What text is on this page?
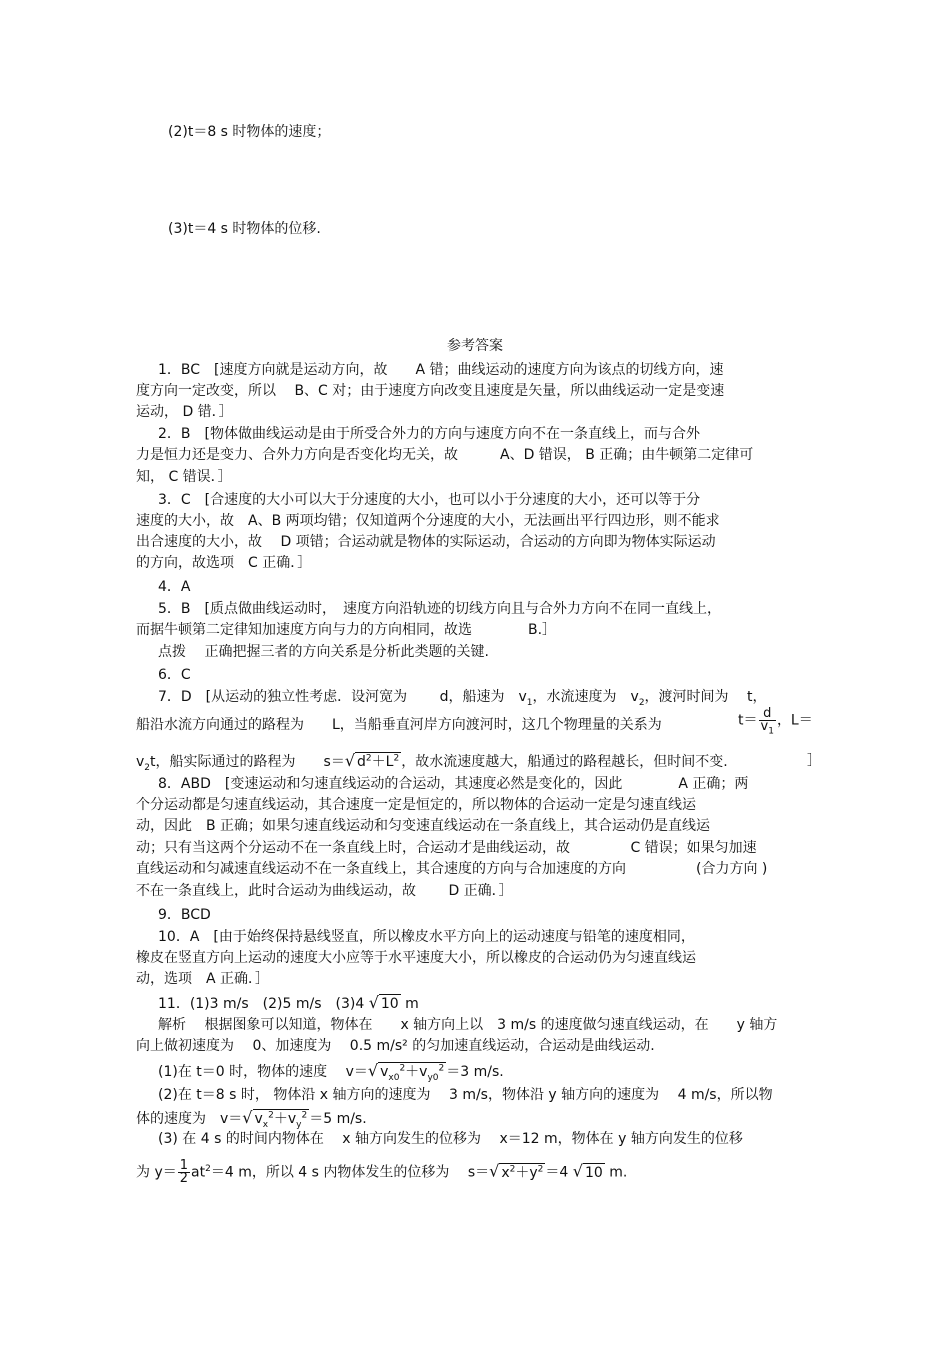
(2)t＝8 s 时物体的速度；
(3)t＝4 s 时物体的位移.
参考答案
1．BC　[速度方向就是运动方向，故　　A 错；曲线运动的速度方向为该点的切线方向，速
度方向一定改变，所以　 B、C 对；由于速度方向改变且速度是矢量，所以曲线运动一定是变速
运动， D 错．］
2．B　[物体做曲线运动是由于所受合外力的方向与速度方向不在一条直线上，而与合外
力是恒力还是变力、合外力方向是否变化均无关，故　　　A、D 错误， B 正确；由牛顿第二定律可
知， C 错误．］
3．C　[合速度的大小可以大于分速度的大小，也可以小于分速度的大小，还可以等于分
速度的大小，故　A、B 两项均错；仅知道两个分速度的大小，无法画出平行四边形，则不能求
出合速度的大小，故　 D 项错；合运动就是物体的实际运动，合运动的方向即为物体实际运动
的方向，故选项　C 正确．］
4．A
5．B　[质点做曲线运动时，　速度方向沿轨迹的切线方向且与合外力方向不在同一直线上，
而据牛顿第二定律知加速度方向与力的方向相同，故选　　　　B.］
点拨　 正确把握三者的方向关系是分析此类题的关键.
6．C
7．D　[从运动的独立性考虑．设河宽为　　 d，船速为　$v_1$，水流速度为　$v_2$，渡河时间为　 t，
船沿水流方向通过的路程为　　L，当船垂直河岸方向渡河时，这几个物理量的关系为	$t= \frac{d}{v_1}$ ，L＝
$v_2t$，船实际通过的路程为　　s＝√ $d^2+L^2$ ，故水流速度越大，船通过的路程越长，但时间不变.	］
8．ABD　[变速运动和匀速直线运动的合运动，其速度必然是变化的，因此　　　　A 正确；两
个分运动都是匀速直线运动，其合速度一定是恒定的，所以物体的合运动一定是匀速直线运
动，因此　B 正确；如果匀速直线运动和匀变速直线运动在一条直线上，其合运动仍是直线运
动；只有当这两个分运动不在一条直线上时，合运动才是曲线运动，故　　　　 C 错误；如果匀加速
直线运动和匀减速直线运动不在一条直线上，其合速度的方向与合加速度的方向　　　　　(合力方向 )
不在一条直线上，此时合运动为曲线运动，故　　 D 正确．］
9．BCD
10．A　[由于始终保持悬线竖直，所以橡皮水平方向上的运动速度与铅笔的速度相同，
橡皮在竖直方向上运动的速度大小应等于水平速度大小，所以橡皮的合运动仍为匀速直线运
动，选项　A 正确．］
11．(1)3 m/s　(2)5 m/s　(3)4 √ 10 m
解析　 根据图象可以知道，物体在　　x 轴方向上以　3 m/s 的速度做匀速直线运动，在　　y 轴方
向上做初速度为　 0、加速度为　 0.5 m/s² 的匀加速直线运动，合运动是曲线运动.
(1)在 t＝0 时，物体的速度　 v＝√ $v_{x0}^2+v_{y0}^2 =3$ m/s.
(2)在 t＝8 s 时， 物体沿 x 轴方向的速度为　 3 m/s，物体沿 y 轴方向的速度为　 4 m/s，所以物
体的速度为　v＝√ $v_x^2+v_y^2 =5$ m/s.
(3) 在 4 s 的时间内物体在　 x 轴方向发生的位移为　 x＝12 m，物体在 y 轴方向发生的位移
为 $y= \frac{1}{2} at^2=4$ m，所以 4 s 内物体发生的位移为　 s＝√ $x^2+y^2 =4$ √ 10 m.
